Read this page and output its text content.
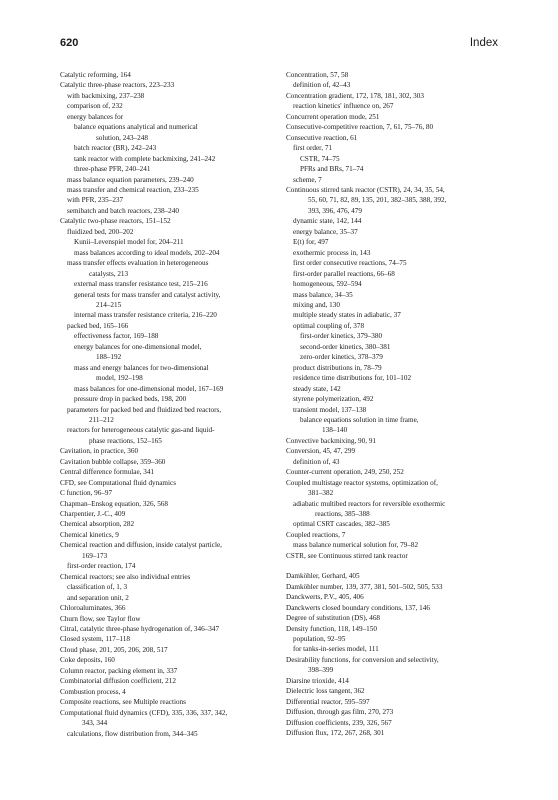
620	Index
Catalytic reforming, 164
Catalytic three-phase reactors, 223–233
with backmixing, 237–238
comparison of, 232
energy balances for
balance equations analytical and numerical
solution, 243–248
batch reactor (BR), 242–243
tank reactor with complete backmixing, 241–242
three-phase PFR, 240–241
mass balance equation parameters, 239–240
mass transfer and chemical reaction, 233–235
with PFR, 235–237
semibatch and batch reactors, 238–240
Catalytic two-phase reactors, 151–152
fluidized bed, 200–202
Kunii–Levenspiel model for, 204–211
mass balances according to ideal models, 202–204
mass transfer effects evaluation in heterogeneous
catalysts, 213
external mass transfer resistance test, 215–216
general tests for mass transfer and catalyst activity,
214–215
internal mass transfer resistance criteria, 216–220
packed bed, 165–166
effectiveness factor, 169–188
energy balances for one-dimensional model,
188–192
mass and energy balances for two-dimensional
model, 192–198
mass balances for one-dimensional model, 167–169
pressure drop in packed beds, 198, 200
parameters for packed bed and fluidized bed reactors,
211–212
reactors for heterogeneous catalytic gas-and liquid-
phase reactions, 152–165
Cavitation, in practice, 360
Cavitation bubble collapse, 359–360
Central difference formulae, 341
CFD, see Computational fluid dynamics
C function, 96–97
Chapman–Enskog equation, 326, 568
Charpentier, J.-C., 409
Chemical absorption, 282
Chemical kinetics, 9
Chemical reaction and diffusion, inside catalyst particle,
169–173
first-order reaction, 174
Chemical reactors; see also individual entries
classification of, 1, 3
and separation unit, 2
Chloroaluminates, 366
Churn flow, see Taylor flow
Citral, catalytic three-phase hydrogenation of, 346–347
Closed system, 117–118
Cloud phase, 201, 205, 206, 208, 517
Coke deposits, 160
Column reactor, packing element in, 337
Combinatorial diffusion coefficient, 212
Combustion process, 4
Composite reactions, see Multiple reactions
Computational fluid dynamics (CFD), 335, 336, 337, 342,
343, 344
calculations, flow distribution from, 344–345
Concentration, 57, 58
definition of, 42–43
Concentration gradient, 172, 178, 181, 302, 303
reaction kinetics' influence on, 267
Concurrent operation mode, 251
Consecutive-competitive reaction, 7, 61, 75–76, 80
Consecutive reaction, 61
first order, 71
CSTR, 74–75
PFRs and BRs, 71–74
scheme, 7
Continuous stirred tank reactor (CSTR), 24, 34, 35, 54,
55, 60, 71, 82, 89, 135, 201, 382–385, 388, 392,
393, 396, 476, 479
dynamic state, 142, 144
energy balance, 35–37
E(t) for, 497
exothermic process in, 143
first order consecutive reactions, 74–75
first-order parallel reactions, 66–68
homogeneous, 592–594
mass balance, 34–35
mixing and, 130
multiple steady states in adiabatic, 37
optimal coupling of, 378
first-order kinetics, 379–380
second-order kinetics, 380–381
zero-order kinetics, 378–379
product distributions in, 78–79
residence time distributions for, 101–102
steady state, 142
styrene polymerization, 492
transient model, 137–138
balance equations solution in time frame,
138–140
Convective backmixing, 90, 91
Conversion, 45, 47, 299
definition of, 43
Counter-current operation, 249, 250, 252
Coupled multistage reactor systems, optimization of,
381–382
adiabatic multibed reactors for reversible exothermic
reactions, 385–388
optimal CSRT cascades, 382–385
Coupled reactions, 7
mass balance numerical solution for, 79–82
CSTR, see Continuous stirred tank reactor
Damköhler, Gerhard, 405
Damköhler number, 139, 377, 381, 501–502, 505, 533
Danckwerts, P.V., 405, 406
Danckwerts closed boundary conditions, 137, 146
Degree of substitution (DS), 468
Density function, 118, 149–150
population, 92–95
for tanks-in-series model, 111
Desirability functions, for conversion and selectivity,
398–399
Diarsine trioxide, 414
Dielectric loss tangent, 362
Differential reactor, 595–597
Diffusion, through gas film, 270, 273
Diffusion coefficients, 239, 326, 567
Diffusion flux, 172, 267, 268, 301
